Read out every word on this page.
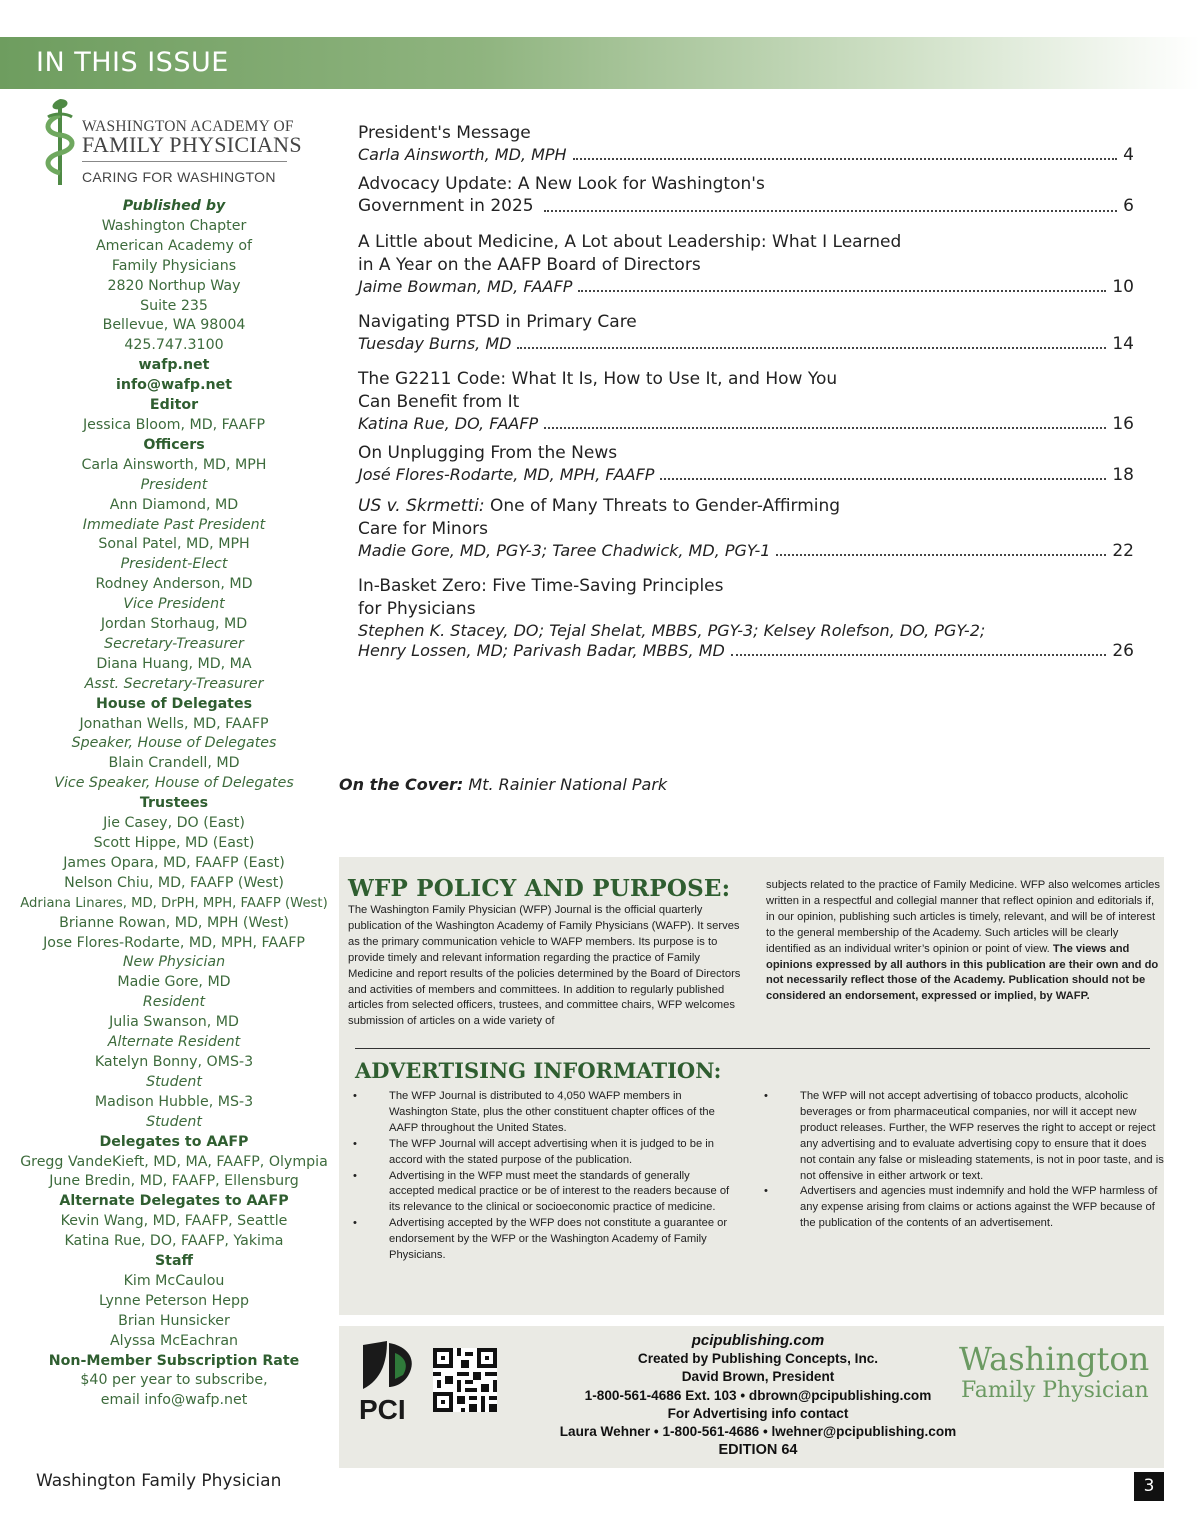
IN THIS ISSUE
WASHINGTON ACADEMY OF
FAMILY PHYSICIANS
CARING FOR WASHINGTON
Published by
Washington Chapter
American Academy of
Family Physicians
2820 Northup Way
Suite 235
Bellevue, WA 98004
425.747.3100
wafp.net
info@wafp.net
Editor
Jessica Bloom, MD, FAAFP
Officers
Carla Ainsworth, MD, MPH
President
Ann Diamond, MD
Immediate Past President
Sonal Patel, MD, MPH
President-Elect
Rodney Anderson, MD
Vice President
Jordan Storhaug, MD
Secretary-Treasurer
Diana Huang, MD, MA
Asst. Secretary-Treasurer
House of Delegates
Jonathan Wells, MD, FAAFP
Speaker, House of Delegates
Blain Crandell, MD
Vice Speaker, House of Delegates
Trustees
Jie Casey, DO (East)
Scott Hippe, MD (East)
James Opara, MD, FAAFP (East)
Nelson Chiu, MD, FAAFP (West)
Adriana Linares, MD, DrPH, MPH, FAAFP (West)
Brianne Rowan, MD, MPH (West)
Jose Flores-Rodarte, MD, MPH, FAAFP
New Physician
Madie Gore, MD
Resident
Julia Swanson, MD
Alternate Resident
Katelyn Bonny, OMS-3
Student
Madison Hubble, MS-3
Student
Delegates to AAFP
Gregg VandeKieft, MD, MA, FAAFP, Olympia
June Bredin, MD, FAAFP, Ellensburg
Alternate Delegates to AAFP
Kevin Wang, MD, FAAFP, Seattle
Katina Rue, DO, FAAFP, Yakima
Staff
Kim McCaulou
Lynne Peterson Hepp
Brian Hunsicker
Alyssa McEachran
Non-Member Subscription Rate
$40 per year to subscribe,
email info@wafp.net
President's Message
Carla Ainsworth, MD, MPH	4
Advocacy Update: A New Look for Washington's
Government in 2025	6
A Little about Medicine, A Lot about Leadership: What I Learned
in A Year on the AAFP Board of Directors
Jaime Bowman, MD, FAAFP	10
Navigating PTSD in Primary Care
Tuesday Burns, MD	14
The G2211 Code: What It Is, How to Use It, and How You
Can Benefit from It
Katina Rue, DO, FAAFP	16
On Unplugging From the News
José Flores-Rodarte, MD, MPH, FAAFP	18
US v. Skrmetti: One of Many Threats to Gender-Affirming
Care for Minors
Madie Gore, MD, PGY-3; Taree Chadwick, MD, PGY-1	22
In-Basket Zero: Five Time-Saving Principles
for Physicians
Stephen K. Stacey, DO; Tejal Shelat, MBBS, PGY-3; Kelsey Rolefson, DO, PGY-2;
Henry Lossen, MD; Parivash Badar, MBBS, MD	26
On the Cover: Mt. Rainier National Park
WFP POLICY AND PURPOSE:
The Washington Family Physician (WFP) Journal is the official quarterly publication of the Washington Academy of Family Physicians (WAFP). It serves as the primary communication vehicle to WAFP members. Its purpose is to provide timely and relevant information regarding the practice of Family Medicine and report results of the policies determined by the Board of Directors and activities of members and committees. In addition to regularly published articles from selected officers, trustees, and committee chairs, WFP welcomes submission of articles on a wide variety of
subjects related to the practice of Family Medicine. WFP also welcomes articles written in a respectful and collegial manner that reflect opinion and editorials if, in our opinion, publishing such articles is timely, relevant, and will be of interest to the general membership of the Academy. Such articles will be clearly identified as an individual writer’s opinion or point of view. The views and opinions expressed by all authors in this publication are their own and do not necessarily reflect those of the Academy. Publication should not be considered an endorsement, expressed or implied, by WAFP.
ADVERTISING INFORMATION:
• The WFP Journal is distributed to 4,050 WAFP members in Washington State, plus the other constituent chapter offices of the AAFP throughout the United States.
• The WFP Journal will accept advertising when it is judged to be in accord with the stated purpose of the publication.
• Advertising in the WFP must meet the standards of generally accepted medical practice or be of interest to the readers because of its relevance to the clinical or socioeconomic practice of medicine.
• Advertising accepted by the WFP does not constitute a guarantee or endorsement by the WFP or the Washington Academy of Family Physicians.
• The WFP will not accept advertising of tobacco products, alcoholic beverages or from pharmaceutical companies, nor will it accept new product releases. Further, the WFP reserves the right to accept or reject any advertising and to evaluate advertising copy to ensure that it does not contain any false or misleading statements, is not in poor taste, and is not offensive in either artwork or text.
• Advertisers and agencies must indemnify and hold the WFP harmless of any expense arising from claims or actions against the WFP because of the publication of the contents of an advertisement.
PCI
pcipublishing.com
Created by Publishing Concepts, Inc.
David Brown, President
1-800-561-4686 Ext. 103 • dbrown@pcipublishing.com
For Advertising info contact
Laura Wehner • 1-800-561-4686 • lwehner@pcipublishing.com
EDITION 64
Washington
Family Physician
Washington Family Physician	3
